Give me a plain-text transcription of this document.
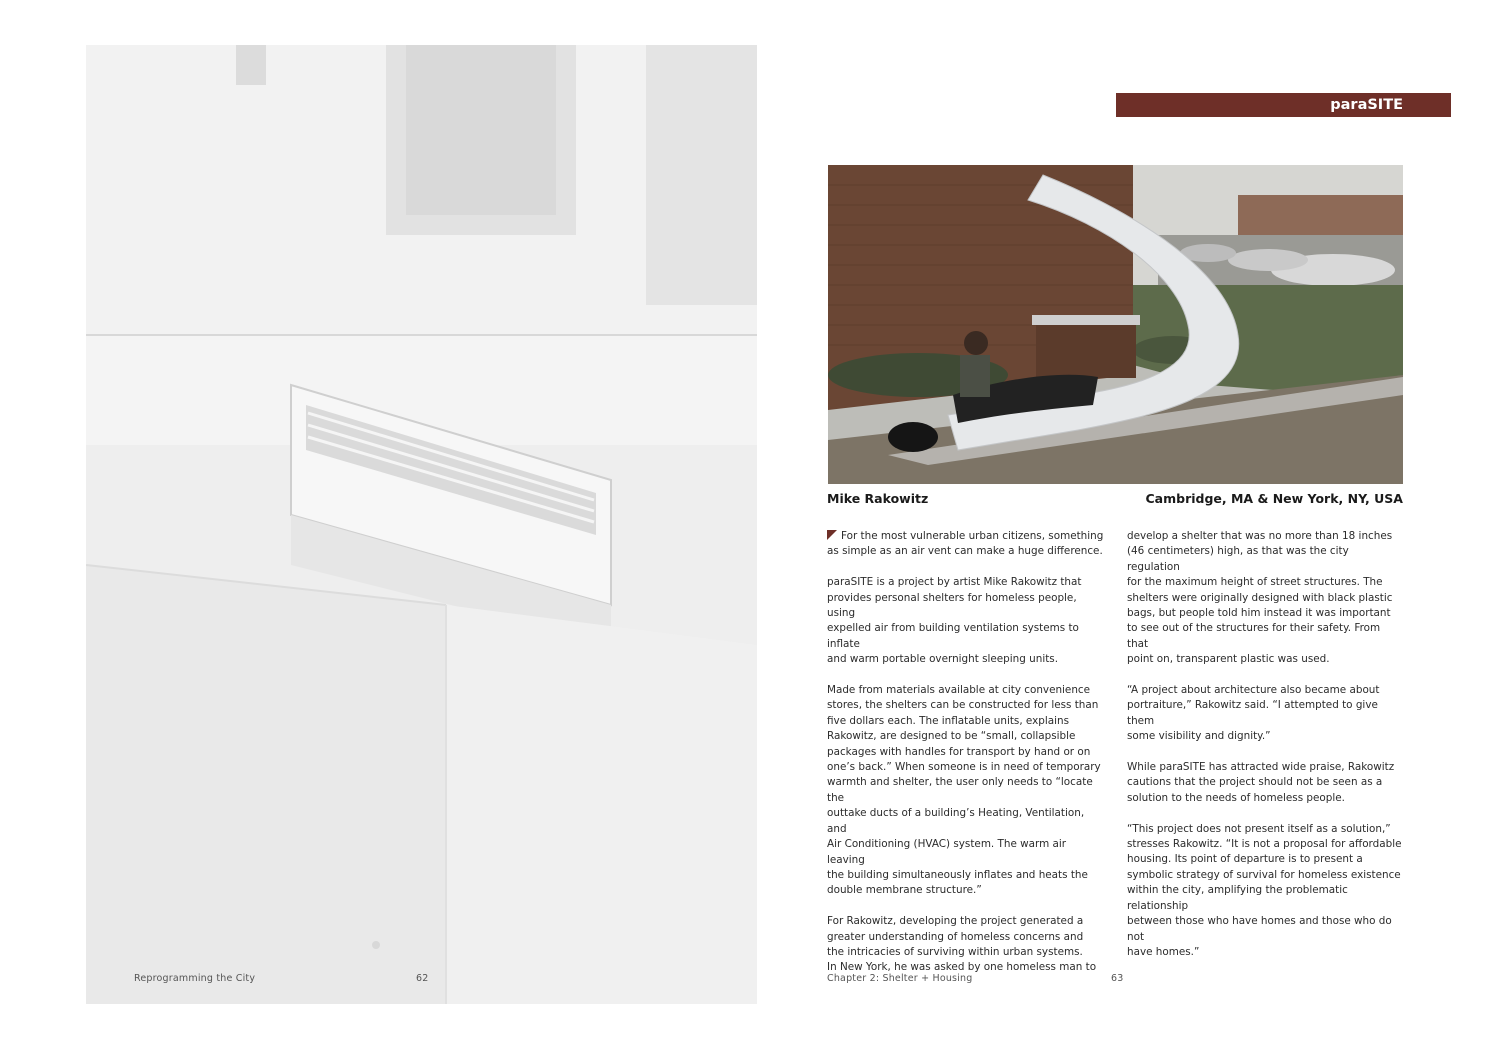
Reprogramming the City	62
paraSITE
Mike Rakowitz	Cambridge, MA & New York, NY, USA

For the most vulnerable urban citizens, something
as simple as an air vent can make a huge difference.

paraSITE is a project by artist Mike Rakowitz that
provides personal shelters for homeless people, using
expelled air from building ventilation systems to inflate
and warm portable overnight sleeping units.

Made from materials available at city convenience
stores, the shelters can be constructed for less than
five dollars each. The inflatable units, explains
Rakowitz, are designed to be “small, collapsible
packages with handles for transport by hand or on
one’s back.” When someone is in need of temporary
warmth and shelter, the user only needs to “locate the
outtake ducts of a building’s Heating, Ventilation, and
Air Conditioning (HVAC) system. The warm air leaving
the building simultaneously inflates and heats the
double membrane structure.”

For Rakowitz, developing the project generated a
greater understanding of homeless concerns and
the intricacies of surviving within urban systems.
In New York, he was asked by one homeless man to

develop a shelter that was no more than 18 inches
(46 centimeters) high, as that was the city regulation
for the maximum height of street structures. The
shelters were originally designed with black plastic
bags, but people told him instead it was important
to see out of the structures for their safety. From that
point on, transparent plastic was used.

“A project about architecture also became about
portraiture,” Rakowitz said. “I attempted to give them
some visibility and dignity.”

While paraSITE has attracted wide praise, Rakowitz
cautions that the project should not be seen as a
solution to the needs of homeless people.

“This project does not present itself as a solution,”
stresses Rakowitz. “It is not a proposal for affordable
housing. Its point of departure is to present a
symbolic strategy of survival for homeless existence
within the city, amplifying the problematic relationship
between those who have homes and those who do not
have homes.”

Chapter 2: Shelter + Housing	63
